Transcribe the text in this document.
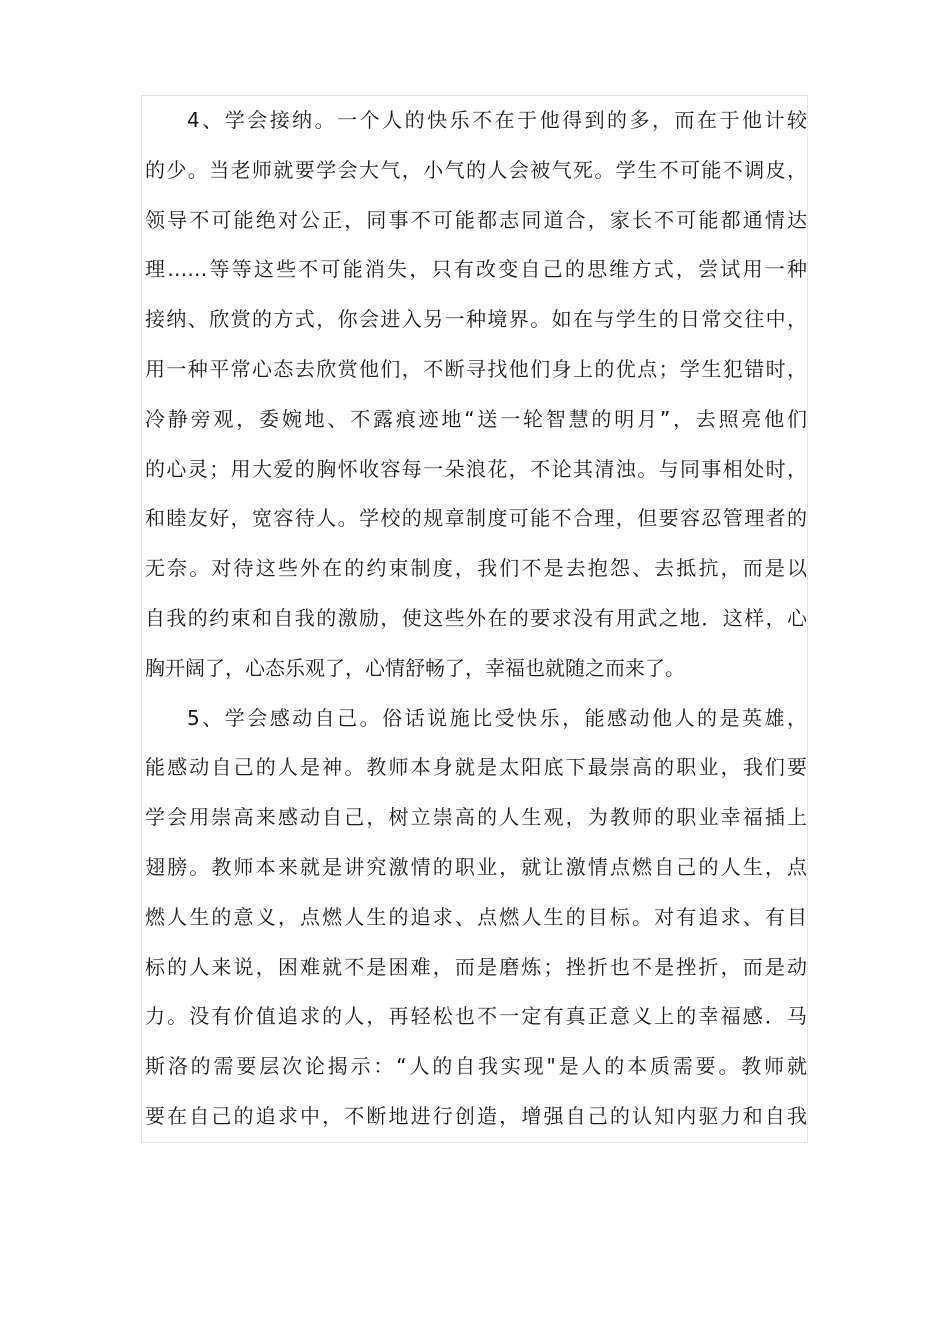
4、学会接纳。一个人的快乐不在于他得到的多，而在于他计较
的少。当老师就要学会大气，小气的人会被气死。学生不可能不调皮，
领导不可能绝对公正，同事不可能都志同道合，家长不可能都通情达
理……等等这些不可能消失，只有改变自己的思维方式，尝试用一种
接纳、欣赏的方式，你会进入另一种境界。如在与学生的日常交往中，
用一种平常心态去欣赏他们，不断寻找他们身上的优点；学生犯错时，
冷静旁观，委婉地、不露痕迹地“送一轮智慧的明月”，去照亮他们
的心灵；用大爱的胸怀收容每一朵浪花，不论其清浊。与同事相处时，
和睦友好，宽容待人。学校的规章制度可能不合理，但要容忍管理者的
无奈。对待这些外在的约束制度，我们不是去抱怨、去抵抗，而是以
自我的约束和自我的激励，使这些外在的要求没有用武之地．这样，心
胸开阔了，心态乐观了，心情舒畅了，幸福也就随之而来了。
5、学会感动自己。俗话说施比受快乐，能感动他人的是英雄，
能感动自己的人是神。教师本身就是太阳底下最崇高的职业，我们要
学会用崇高来感动自己，树立崇高的人生观，为教师的职业幸福插上
翅膀。教师本来就是讲究激情的职业，就让激情点燃自己的人生，点
燃人生的意义，点燃人生的追求、点燃人生的目标。对有追求、有目
标的人来说，困难就不是困难，而是磨炼；挫折也不是挫折，而是动
力。没有价值追求的人，再轻松也不一定有真正意义上的幸福感．马
斯洛的需要层次论揭示：“人的自我实现"是人的本质需要。教师就
要在自己的追求中，不断地进行创造，增强自己的认知内驱力和自我
